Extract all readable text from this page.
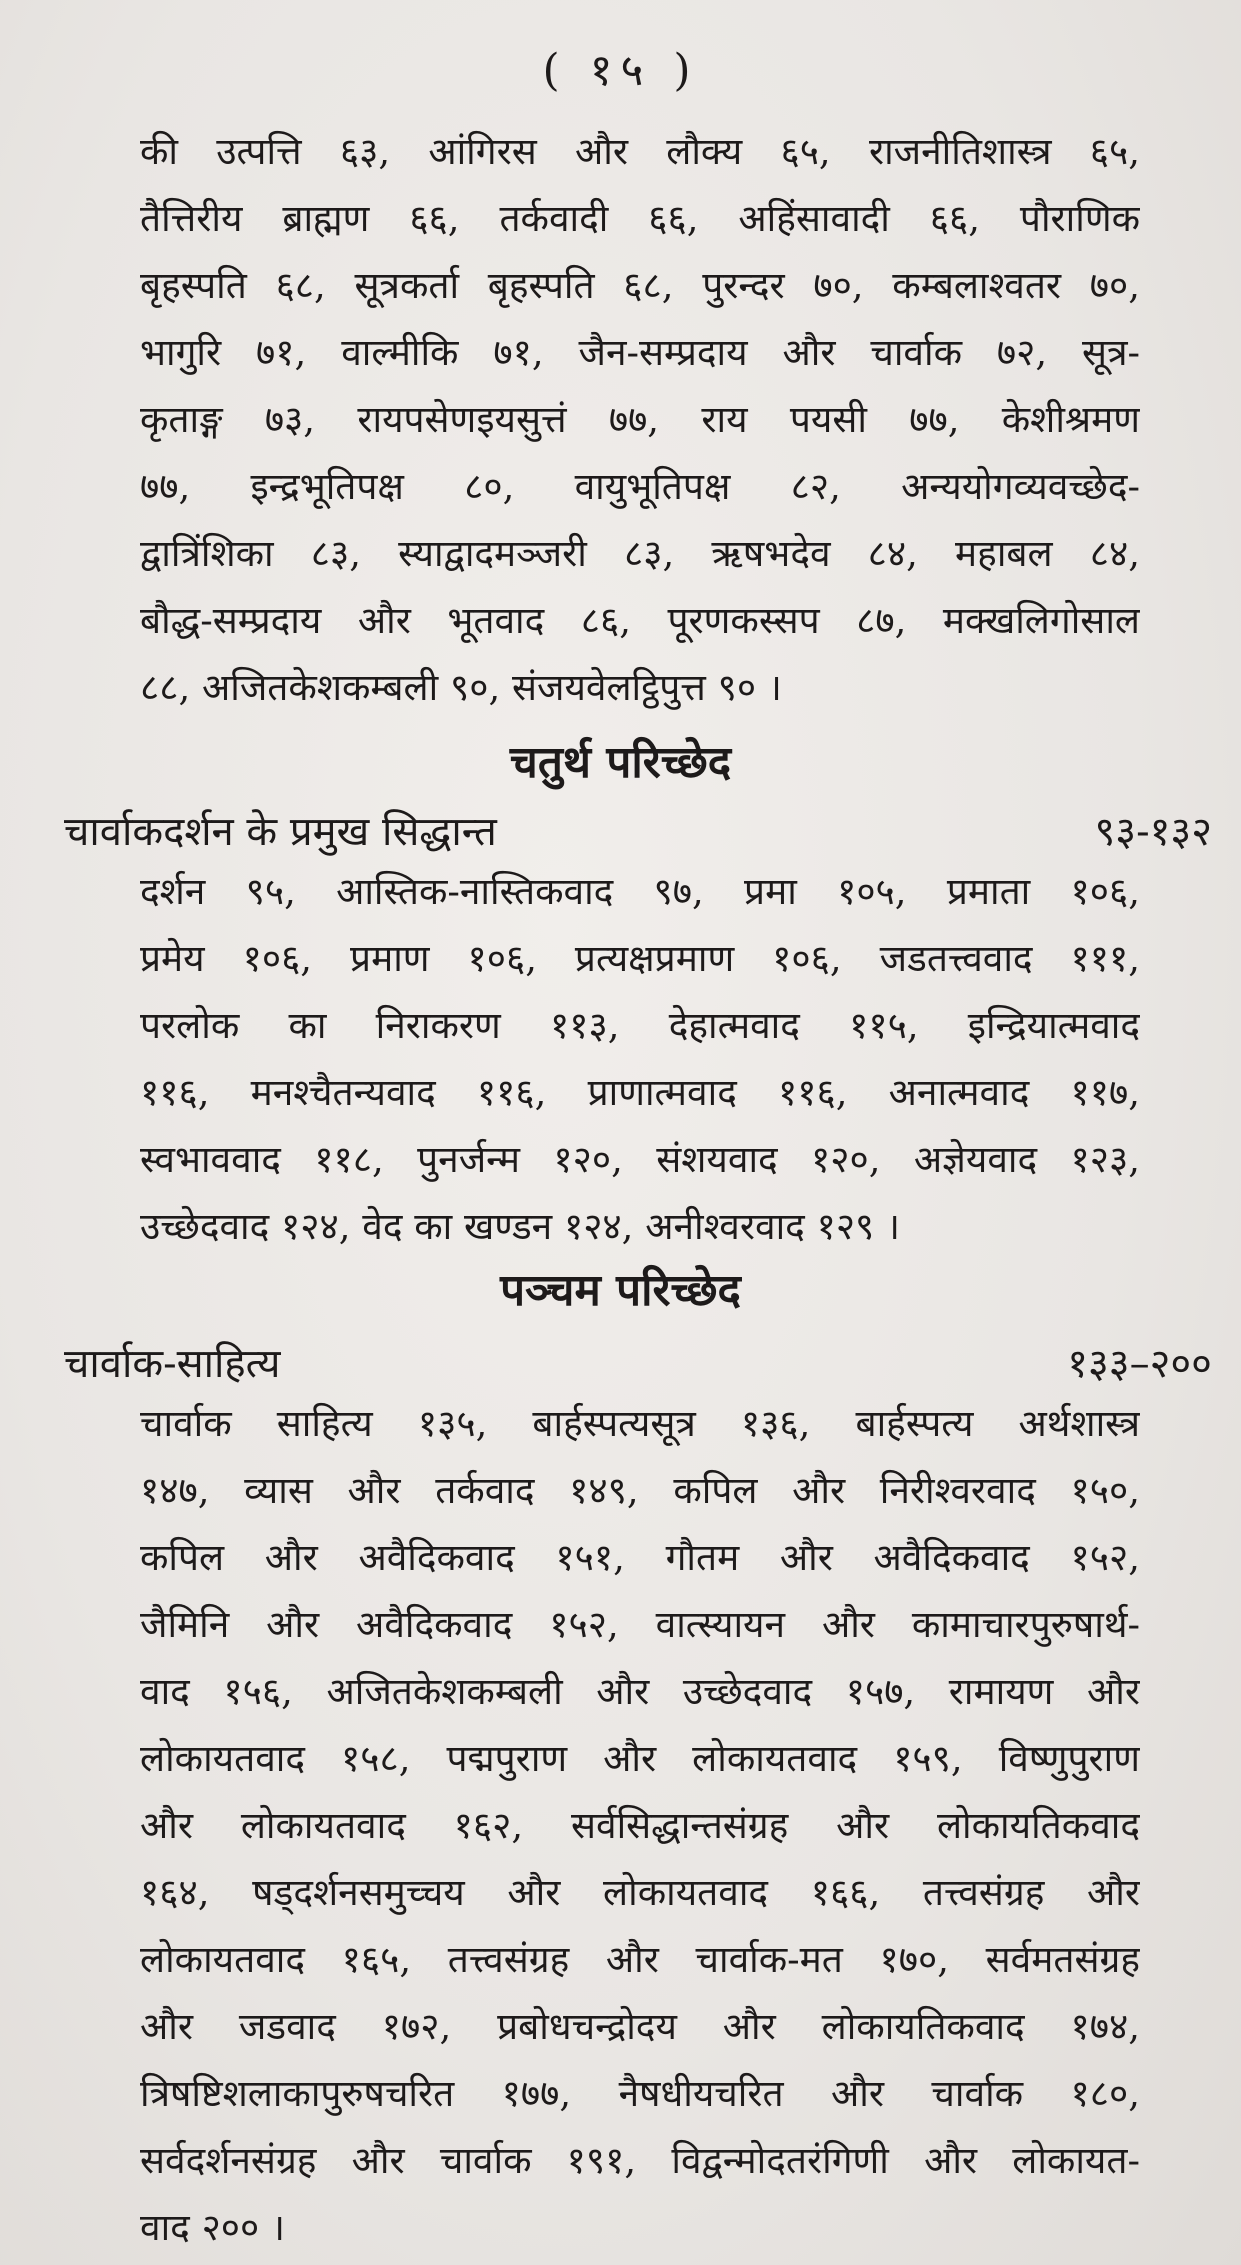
( १५ )
की उत्पत्ति ६३, आंगिरस और लौक्य ६५, राजनीतिशास्त्र ६५,
तैत्तिरीय ब्राह्मण ६६, तर्कवादी ६६, अहिंसावादी ६६, पौराणिक
बृहस्पति ६८, सूत्रकर्ता बृहस्पति ६८, पुरन्दर ७०, कम्बलाश्वतर ७०,
भागुरि ७१, वाल्मीकि ७१, जैन-सम्प्रदाय और चार्वाक ७२, सूत्र-
कृताङ्ग ७३, रायपसेणइयसुत्तं ७७, राय पयसी ७७, केशीश्रमण
७७, इन्द्रभूतिपक्ष ८०, वायुभूतिपक्ष ८२, अन्ययोगव्यवच्छेद-
द्वात्रिंशिका ८३, स्याद्वादमञ्जरी ८३, ऋषभदेव ८४, महाबल ८४,
बौद्ध-सम्प्रदाय और भूतवाद ८६, पूरणकस्सप ८७, मक्खलिगोसाल
८८, अजितकेशकम्बली ९०, संजयवेलट्ठिपुत्त ९० ।
चतुर्थ परिच्छेद
चार्वाकदर्शन के प्रमुख सिद्धान्त	९३-१३२
दर्शन ९५, आस्तिक-नास्तिकवाद ९७, प्रमा १०५, प्रमाता १०६,
प्रमेय १०६, प्रमाण १०६, प्रत्यक्षप्रमाण १०६, जडतत्त्ववाद १११,
परलोक का निराकरण ११३, देहात्मवाद ११५, इन्द्रियात्मवाद
११६, मनश्चैतन्यवाद ११६, प्राणात्मवाद ११६, अनात्मवाद ११७,
स्वभाववाद ११८, पुनर्जन्म १२०, संशयवाद १२०, अज्ञेयवाद १२३,
उच्छेदवाद १२४, वेद का खण्डन १२४, अनीश्वरवाद १२९ ।
पञ्चम परिच्छेद
चार्वाक-साहित्य	१३३–२००
चार्वाक साहित्य १३५, बार्हस्पत्यसूत्र १३६, बार्हस्पत्य अर्थशास्त्र
१४७, व्यास और तर्कवाद १४९, कपिल और निरीश्वरवाद १५०,
कपिल और अवैदिकवाद १५१, गौतम और अवैदिकवाद १५२,
जैमिनि और अवैदिकवाद १५२, वात्स्यायन और कामाचारपुरुषार्थ-
वाद १५६, अजितकेशकम्बली और उच्छेदवाद १५७, रामायण और
लोकायतवाद १५८, पद्मपुराण और लोकायतवाद १५९, विष्णुपुराण
और लोकायतवाद १६२, सर्वसिद्धान्तसंग्रह और लोकायतिकवाद
१६४, षड्दर्शनसमुच्चय और लोकायतवाद १६६, तत्त्वसंग्रह और
लोकायतवाद १६५, तत्त्वसंग्रह और चार्वाक-मत १७०, सर्वमतसंग्रह
और जडवाद १७२, प्रबोधचन्द्रोदय और लोकायतिकवाद १७४,
त्रिषष्टिशलाकापुरुषचरित १७७, नैषधीयचरित और चार्वाक १८०,
सर्वदर्शनसंग्रह और चार्वाक १९१, विद्वन्मोदतरंगिणी और लोकायत-
वाद २०० ।
